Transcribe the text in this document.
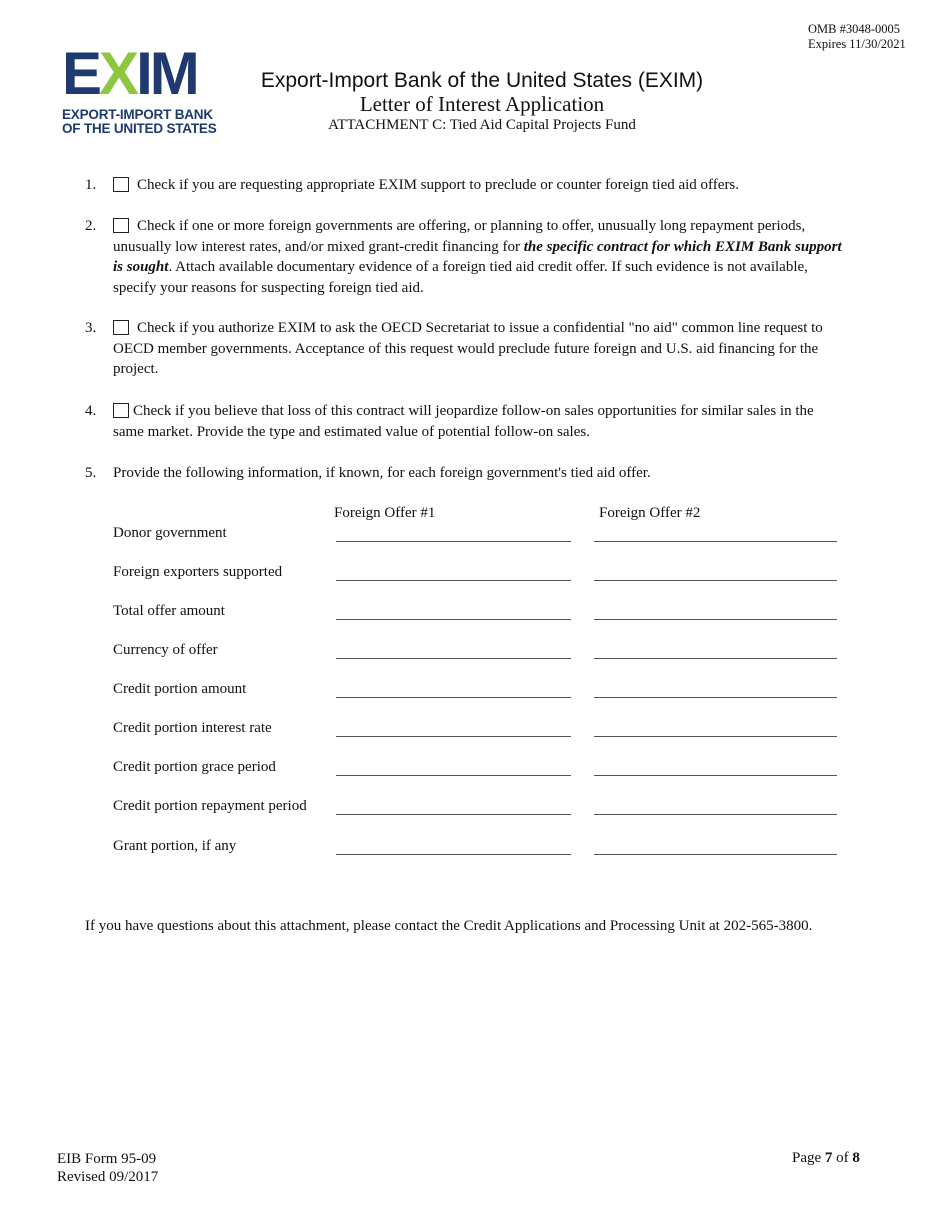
OMB #3048-0005
Expires 11/30/2021
EXIM
EXPORT-IMPORT BANK
OF THE UNITED STATES
Export-Import Bank of the United States (EXIM)
Letter of Interest Application
ATTACHMENT C: Tied Aid Capital Projects Fund
1.	Check if you are requesting appropriate EXIM support to preclude or counter foreign tied aid offers.
2.	Check if one or more foreign governments are offering, or planning to offer, unusually long repayment periods, unusually low interest rates, and/or mixed grant-credit financing for the specific contract for which EXIM Bank support is sought. Attach available documentary evidence of a foreign tied aid credit offer. If such evidence is not available, specify your reasons for suspecting foreign tied aid.
3.	Check if you authorize EXIM to ask the OECD Secretariat to issue a confidential "no aid" common line request to OECD member governments. Acceptance of this request would preclude future foreign and U.S. aid financing for the project.
4.	Check if you believe that loss of this contract will jeopardize follow-on sales opportunities for similar sales in the same market. Provide the type and estimated value of potential follow-on sales.
5. Provide the following information, if known, for each foreign government's tied aid offer.
Foreign Offer #1	Foreign Offer #2
Donor government
Foreign exporters supported
Total offer amount
Currency of offer
Credit portion amount
Credit portion interest rate
Credit portion grace period
Credit portion repayment period
Grant portion, if any
If you have questions about this attachment, please contact the Credit Applications and Processing Unit at 202-565-3800.
EIB Form 95-09
Revised 09/2017
Page 7 of 8
